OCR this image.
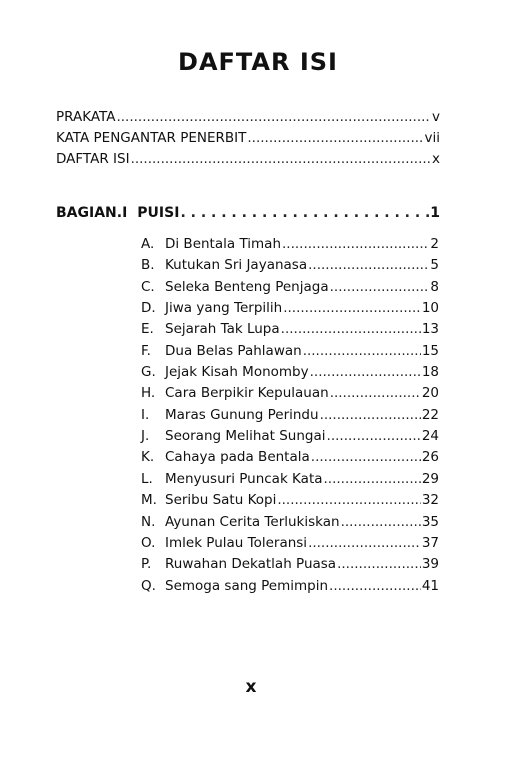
DAFTAR ISI
PRAKATA .....	v
KATA PENGANTAR PENERBIT .....	vii
DAFTAR ISI .....	x
BAGIAN.I PUISI . . .	1
A. Di Bentala Timah .....	2
B. Kutukan Sri Jayanasa .....	5
C. Seleka Benteng Penjaga .....	8
D. Jiwa yang Terpilih .....	10
E. Sejarah Tak Lupa .....	13
F.	Dua Belas Pahlawan .....	15
G. Jejak Kisah Monomby .....	18
H. Cara Berpikir Kepulauan .....	20
I.	Maras Gunung Perindu .....	22
J.	Seorang Melihat Sungai .....	24
K. Cahaya pada Bentala .....	26
L. Menyusuri Puncak Kata .....	29
M. Seribu Satu Kopi .....	32
N. Ayunan Cerita Terlukiskan .....	35
O. Imlek Pulau Toleransi .....	37
P.	Ruwahan Dekatlah Puasa .....	39
Q. Semoga sang Pemimpin .....	41
x
